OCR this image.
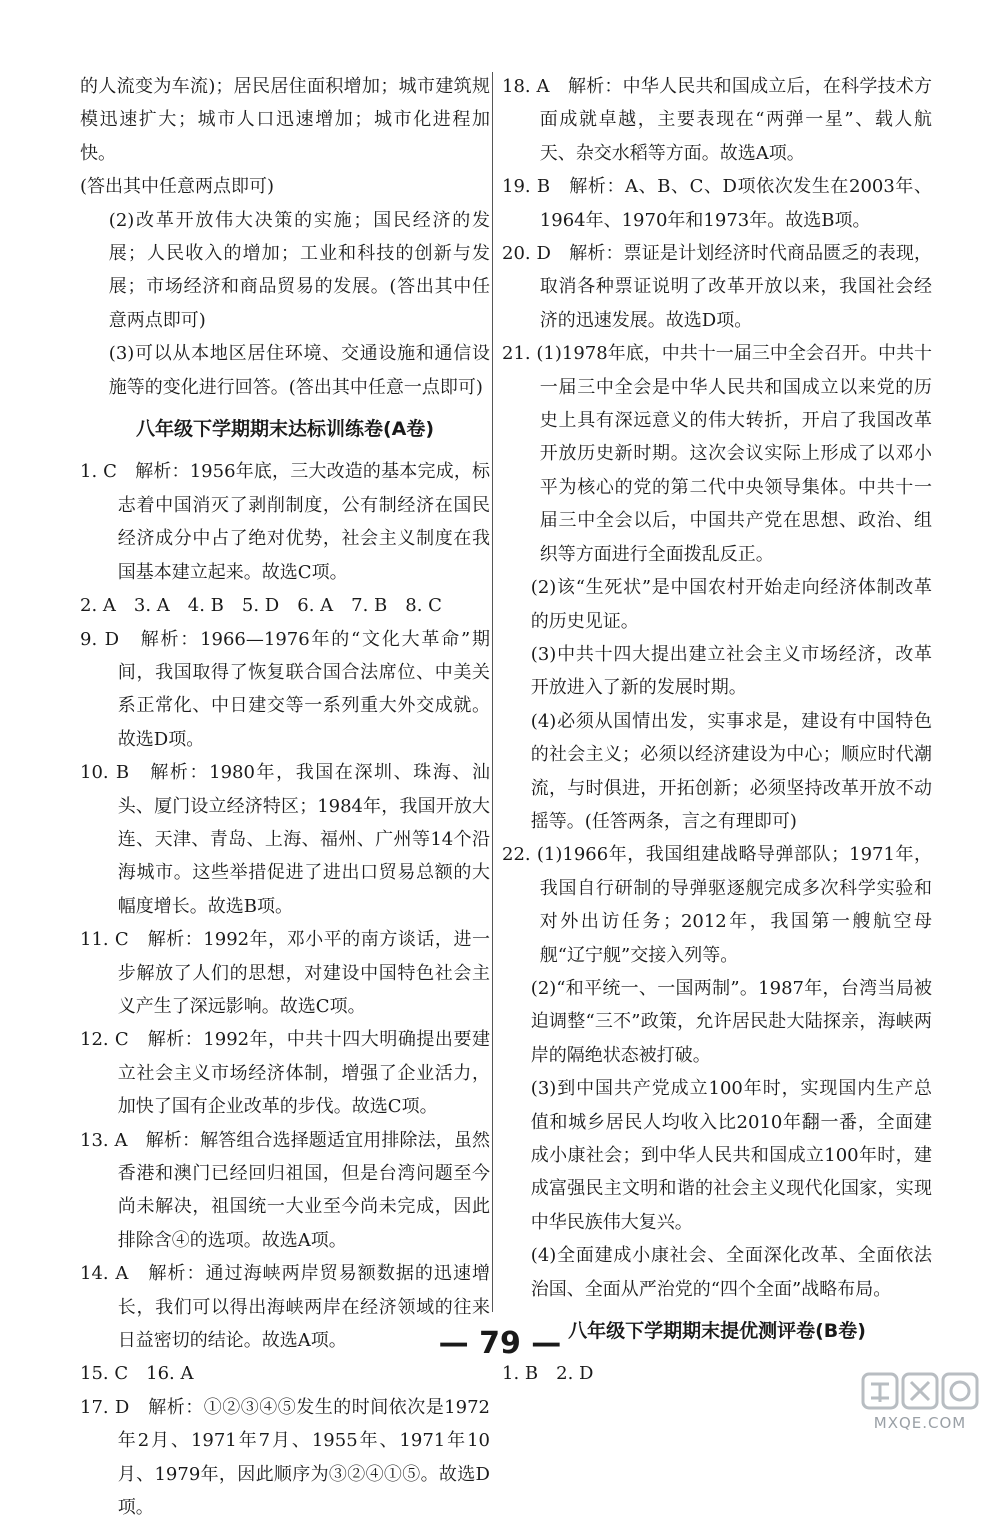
的人流变为车流)；居民居住面积增加；城市建筑规模迅速扩大；城市人口迅速增加；城市化进程加快。

(答出其中任意两点即可)

(2)改革开放伟大决策的实施；国民经济的发展；人民收入的增加；工业和科技的创新与发展；市场经济和商品贸易的发展。(答出其中任意两点即可)

(3)可以从本地区居住环境、交通设施和通信设施等的变化进行回答。(答出其中任意一点即可)

八年级下学期期末达标训练卷(A卷)

1. C　解析：1956年底，三大改造的基本完成，标志着中国消灭了剥削制度，公有制经济在国民经济成分中占了绝对优势，社会主义制度在我国基本建立起来。故选C项。

2. A　3. A　4. B　5. D　6. A　7. B　8. C

9. D　解析：1966—1976年的“文化大革命”期间，我国取得了恢复联合国合法席位、中美关系正常化、中日建交等一系列重大外交成就。故选D项。

10. B　解析：1980年，我国在深圳、珠海、汕头、厦门设立经济特区；1984年，我国开放大连、天津、青岛、上海、福州、广州等14个沿海城市。这些举措促进了进出口贸易总额的大幅度增长。故选B项。

11. C　解析：1992年，邓小平的南方谈话，进一步解放了人们的思想，对建设中国特色社会主义产生了深远影响。故选C项。

12. C　解析：1992年，中共十四大明确提出要建立社会主义市场经济体制，增强了企业活力，加快了国有企业改革的步伐。故选C项。

13. A　解析：解答组合选择题适宜用排除法，虽然香港和澳门已经回归祖国，但是台湾问题至今尚未解决，祖国统一大业至今尚未完成，因此排除含④的选项。故选A项。

14. A　解析：通过海峡两岸贸易额数据的迅速增长，我们可以得出海峡两岸在经济领域的往来日益密切的结论。故选A项。

15. C　16. A

17. D　解析：①②③④⑤发生的时间依次是1972年2月、1971年7月、1955年、1971年10月、1979年，因此顺序为③②④①⑤。故选D项。

18. A　解析：中华人民共和国成立后，在科学技术方面成就卓越，主要表现在“两弹一星”、载人航天、杂交水稻等方面。故选A项。

19. B　解析：A、B、C、D项依次发生在2003年、1964年、1970年和1973年。故选B项。

20. D　解析：票证是计划经济时代商品匮乏的表现，取消各种票证说明了改革开放以来，我国社会经济的迅速发展。故选D项。

21. (1)1978年底，中共十一届三中全会召开。中共十一届三中全会是中华人民共和国成立以来党的历史上具有深远意义的伟大转折，开启了我国改革开放历史新时期。这次会议实际上形成了以邓小平为核心的党的第二代中央领导集体。中共十一届三中全会以后，中国共产党在思想、政治、组织等方面进行全面拨乱反正。

(2)该“生死状”是中国农村开始走向经济体制改革的历史见证。

(3)中共十四大提出建立社会主义市场经济，改革开放进入了新的发展时期。

(4)必须从国情出发，实事求是，建设有中国特色的社会主义；必须以经济建设为中心；顺应时代潮流，与时俱进，开拓创新；必须坚持改革开放不动摇等。(任答两条，言之有理即可)

22. (1)1966年，我国组建战略导弹部队；1971年，我国自行研制的导弹驱逐舰完成多次科学实验和对外出访任务；2012年，我国第一艘航空母舰“辽宁舰”交接入列等。

(2)“和平统一、一国两制”。1987年，台湾当局被迫调整“三不”政策，允许居民赴大陆探亲，海峡两岸的隔绝状态被打破。

(3)到中国共产党成立100年时，实现国内生产总值和城乡居民人均收入比2010年翻一番，全面建成小康社会；到中华人民共和国成立100年时，建成富强民主文明和谐的社会主义现代化国家，实现中华民族伟大复兴。

(4)全面建成小康社会、全面深化改革、全面依法治国、全面从严治党的“四个全面”战略布局。

八年级下学期期末提优测评卷(B卷)

1. B　2. D

— 79 —
MXQE.COM
